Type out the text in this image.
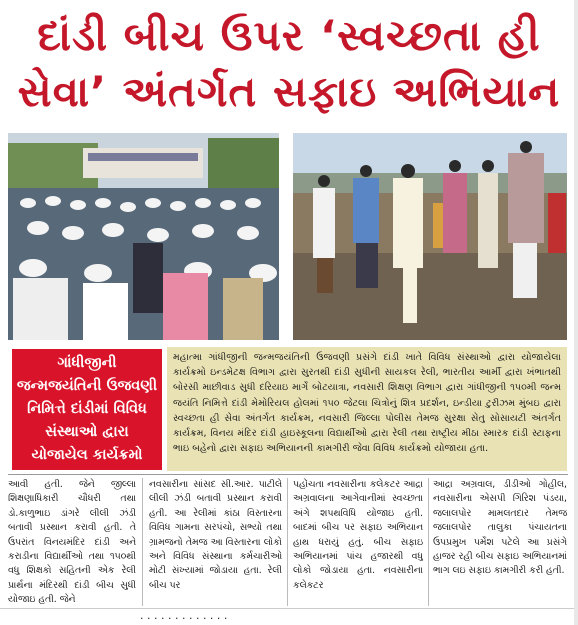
દાંડી બીચ ઉપર ‘સ્વચ્છતા હી
સેવા’ અંતર્ગત સફાઇ અભિયાન
ગાંધીજીની જન્મજયંતિની ઉજવણી નિમિત્તે દાંડીમાં વિવિધ સંસ્થાઓ દ્વારા યોજાયેલ કાર્યક્રમો
મહાત્મા ગાંધીજીની જન્મજયંતિની ઉજવણી પ્રસંગે દાંડી ખાતે વિવિધ સંસ્થાઓ દ્વારા યોજાયેલા કાર્યક્રમો ઇન્ડમેટક્ષ વિભાગ દ્વારા સુરતથી દાંડી સુધીની સાયકલ રેલી, ભારતીય આર્મી દ્વારા ખંભાતથી બોરસી માછીવાડ સુધી દરિયાઇ માર્ગે બોટયાત્રા, નવસારી શિક્ષણ વિભાગ દ્વારા ગાંધીજીની ૧૫૦મી જન્મ જયંતિ નિમિત્તે દાંડી મેમોરિયલ હોલમાં ૧૫૦ જેટલા ચિત્રોનું શિત્ર પ્રદર્શન, ઇન્ડીયા ટુરીઝમ મુંબઇ દ્વારા સ્વચ્છતા હી સેવા અંતર્ગત કાર્યક્રમ, નવસારી જિલ્લા પોલીસ તેમજ સુરક્ષા સેતુ સોસાયટી અંતર્ગત કાર્યક્રમ, વિનય મંદિર દાંડી હાઇસ્કૂલના વિદ્યાર્થીઓ દ્વારા રેલી તથા રાષ્ટ્રીય મીઠા સ્મારક દાંડી સ્ટાફના ભાઇ બહેનો દ્વારા સફાઇ અભિયાનની કામગીરી જેવા વિવિધ કાર્યક્રમો યોજાયા હતા.
આવી હતી. જેને જીલ્લા શિક્ષણાધિકારી ચૌધરી તથા ડો.કાળુભાઇ ડાંગરે લીલી ઝંડી બતાવી પ્રસ્થાન કરાવી હતી. તે ઉપરાંત વિનયમંદિર દાંડી અને કરાડીના વિદ્યાર્થીઓ તથા ૧૫૦થી વધુ શિક્ષકો સહિતની એક રેલી પ્રાર્થના મંદિરથી દાંડી બીચ સુધી યોજાઇ હતી. જેને
નવસારીના સાંસદ સી.આર. પાટીલે લીલી ઝંડી બતાવી પ્રસ્થાન કરાવી હતી. આ રેલીમાં કાંઠા વિસ્તારના વિવિધ ગામના સરપંચો, સભ્યો તથા ગ્રામજનો તેમજ આ વિસ્તારના લોકો અને વિવિધ સંસ્થાના કર્મચારીઓ મોટી સંખ્યામાં જોડાયા હતા. રેલી બીચ પર
પહોંચતા નવસારીના કલેકટર આદ્રા અગ્રવાલના આગેવાનીમાં સ્વચ્છતા અંગે શપથવિધિ યોજાઇ હતી. બાદમાં બીચ પર સફાઇ અભિયાન હાથ ધરાયું હતું. બીચ સફાઇ અભિયાનમાં પાંચ હજારથી વધુ લોકો જોડાયા હતા. નવસારીના કલેકટર
આદ્રા અગ્રવાલ, ડીડીઓ ગોહીલ, નવસારીના એસપી ગિરિશ પંડયા, જલાલપોર મામલતદાર તેમજ જલાલપોર તાલુકા પંચાયતના ઉપપ્રમુખ પર્મેશ પટેલે આ પ્રસંગે હાજર રહી બીચ સફાઇ અભિયાનમાં ભાગ લઇ સફાઇ કામગીરી કરી હતી.
· · · · · · · · · · · · ·
